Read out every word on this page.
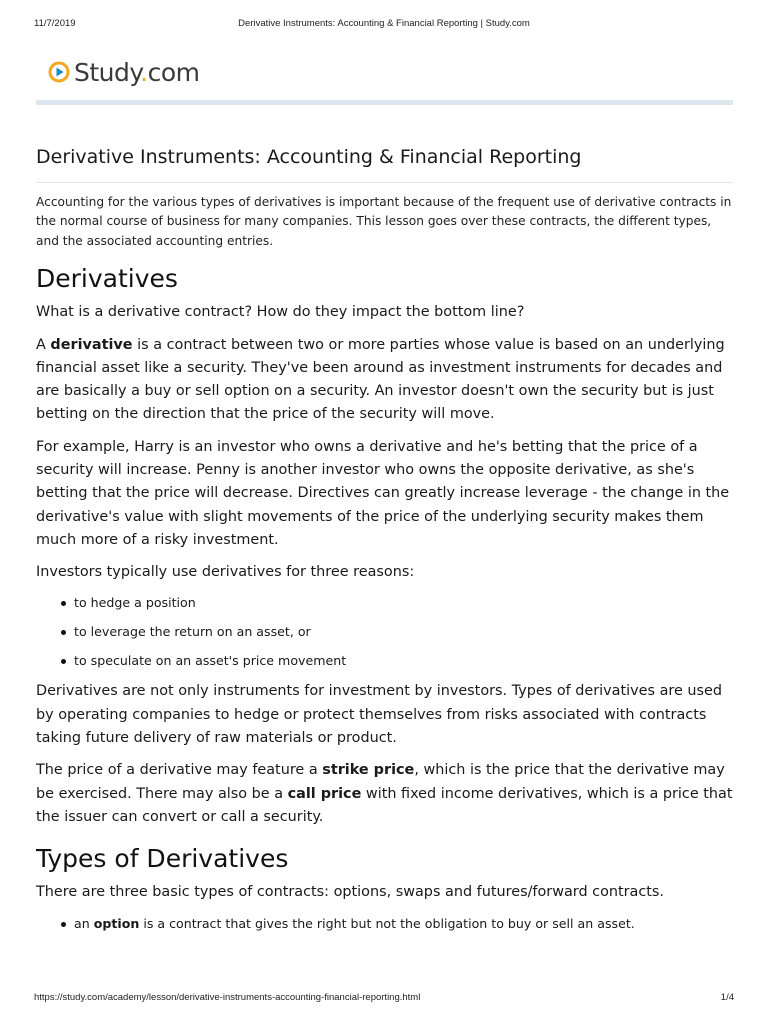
11/7/2019	Derivative Instruments: Accounting & Financial Reporting | Study.com
Study.com
Derivative Instruments: Accounting & Financial Reporting

Accounting for the various types of derivatives is important because of the frequent use of derivative contracts in the normal course of business for many companies. This lesson goes over these contracts, the different types, and the associated accounting entries.

Derivatives

What is a derivative contract? How do they impact the bottom line?

A derivative is a contract between two or more parties whose value is based on an underlying financial asset like a security. They've been around as investment instruments for decades and are basically a buy or sell option on a security. An investor doesn't own the security but is just betting on the direction that the price of the security will move.

For example, Harry is an investor who owns a derivative and he's betting that the price of a security will increase. Penny is another investor who owns the opposite derivative, as she's betting that the price will decrease. Directives can greatly increase leverage - the change in the derivative's value with slight movements of the price of the underlying security makes them much more of a risky investment.

Investors typically use derivatives for three reasons:

to hedge a position
to leverage the return on an asset, or
to speculate on an asset's price movement

Derivatives are not only instruments for investment by investors. Types of derivatives are used by operating companies to hedge or protect themselves from risks associated with contracts taking future delivery of raw materials or product.

The price of a derivative may feature a strike price, which is the price that the derivative may be exercised. There may also be a call price with fixed income derivatives, which is a price that the issuer can convert or call a security.

Types of Derivatives

There are three basic types of contracts: options, swaps and futures/forward contracts.

an option is a contract that gives the right but not the obligation to buy or sell an asset.
https://study.com/academy/lesson/derivative-instruments-accounting-financial-reporting.html	1/4
